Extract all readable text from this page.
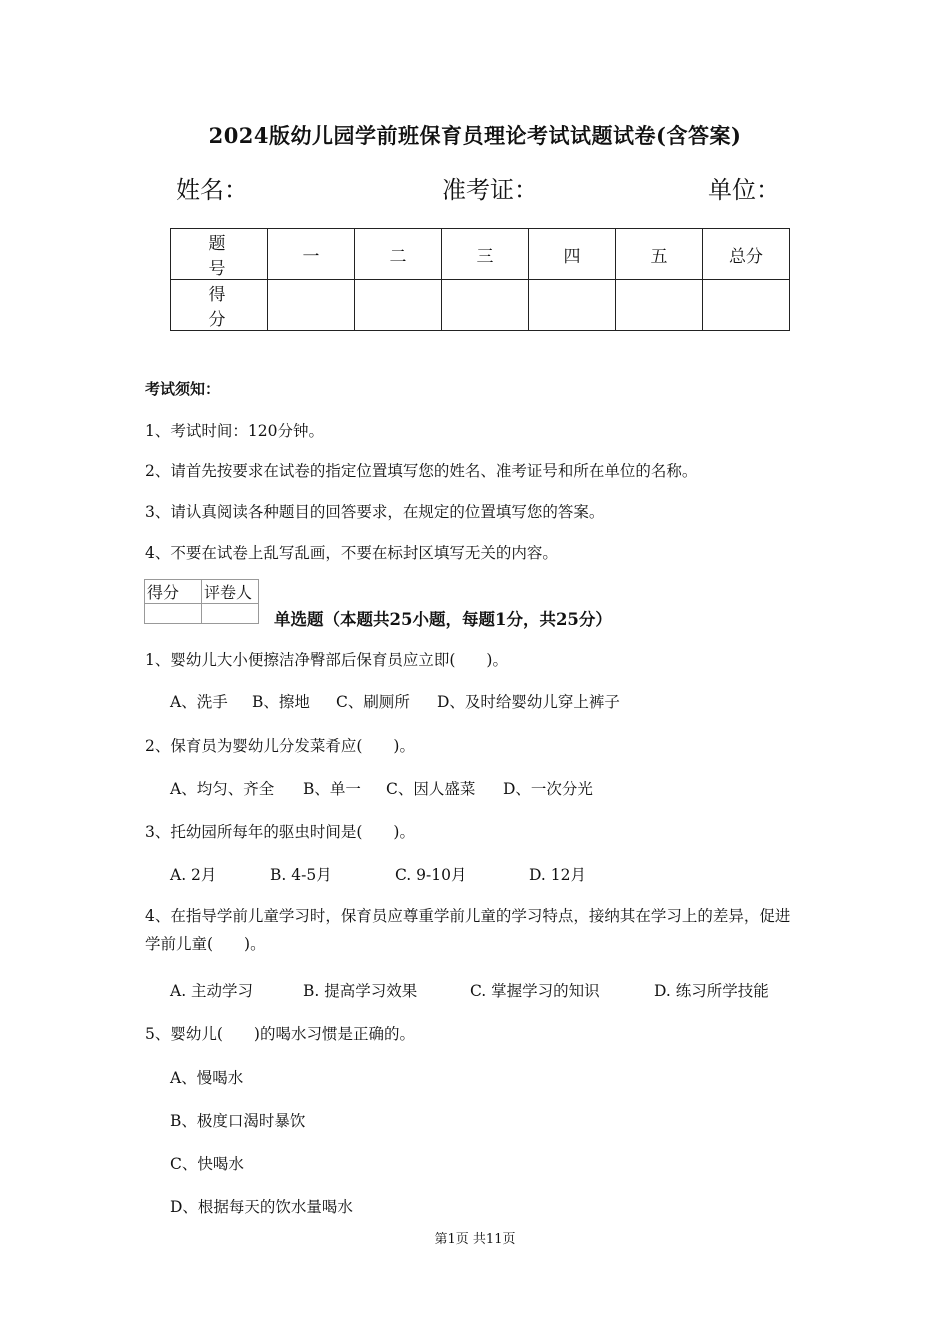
2024版幼儿园学前班保育员理论考试试题试卷(含答案)
姓名：	准考证：	单位：
题　号	一	二	三	四	五	总分
得　分						
考试须知：
1、考试时间：120分钟。
2、请首先按要求在试卷的指定位置填写您的姓名、准考证号和所在单位的名称。
3、请认真阅读各种题目的回答要求，在规定的位置填写您的答案。
4、不要在试卷上乱写乱画，不要在标封区填写无关的内容。
得分	评卷人

单选题（本题共25小题，每题1分，共25分）
1、婴幼儿大小便擦洁净臀部后保育员应立即(　　)。
A、洗手 B、擦地 C、刷厕所 D、及时给婴幼儿穿上裤子
2、保育员为婴幼儿分发菜肴应(　　)。
A、均匀、齐全 B、单一 C、因人盛菜 D、一次分光
3、托幼园所每年的驱虫时间是(　　)。
A. 2月	B. 4-5月	C. 9-10月	D. 12月
4、在指导学前儿童学习时，保育员应尊重学前儿童的学习特点，接纳其在学习上的差异，促进学前儿童(　　)。
A. 主动学习	B. 提高学习效果	C. 掌握学习的知识	D. 练习所学技能
5、婴幼儿(　　)的喝水习惯是正确的。
A、慢喝水
B、极度口渴时暴饮
C、快喝水
D、根据每天的饮水量喝水
第1页 共11页
